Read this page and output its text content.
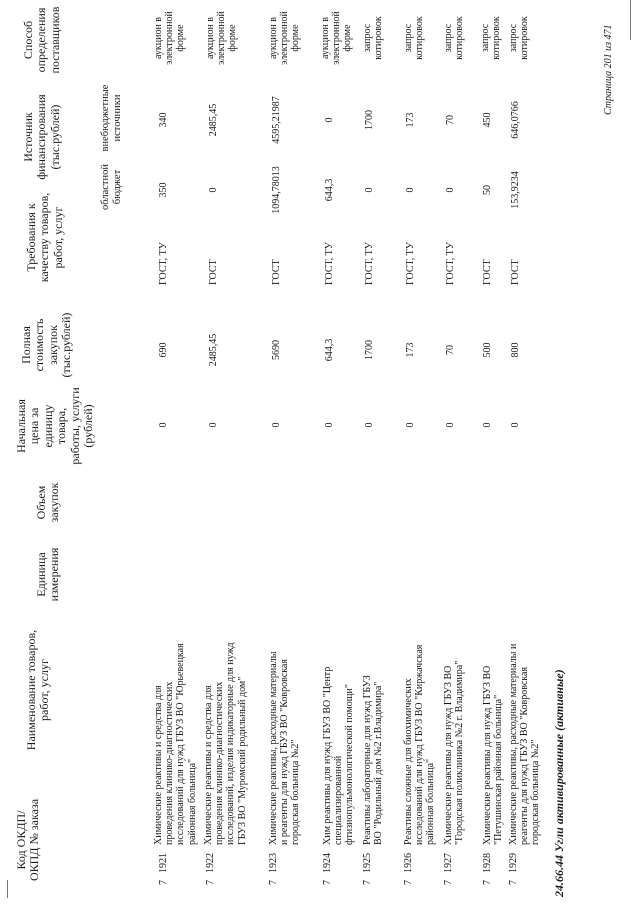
Код ОКДП/ ОКПД № заказа
Наименование товаров, работ, услуг
Единица измерения
Объем закупок
Начальная цена за единицу товара, работы, услуги (рублей)
Полная стоимость закупок (тыс.рублей)
Требования к качеству товаров, работ, услуг
Источник финансирования (тыс.рублей)
областной бюджет
внебюджетные источники
Способ определения поставщиков
7
1921
Химические реактивы и средства для проведения клинико-диагностических исследований для нужд ГБУЗ ВО "Юрьевецкая районная больница"
0
690
ГОСТ, ТУ
350
340
аукцион в электронной форме
7
1922
Химические реактивы и средства для проведения клинико-диагностических исследований, изделия индикаторные для нужд ГБУЗ ВО "Муромский родильный дом"
0
2485,45
ГОСТ
0
2485,45
аукцион в электронной форме
7
1923
Химические реактивы, расходные материалы и реагенты для нужд ГБУЗ ВО "Ковровская городская больница №2"
0
5690
ГОСТ
1094,78013
4595,21987
аукцион в электронной форме
7
1924
Хим реактивы для нужд ГБУЗ ВО "Центр специализированной фтизиопульмонологической помощи"
0
644,3
ГОСТ, ТУ
644,3
0
аукцион в электронной форме
7
1925
Реактивы лабораторные для нужд ГБУЗ ВО "Родильный дом №2 г.Владимира"
0
1700
ГОСТ, ТУ
0
1700
запрос котировок
7
1926
Реактивы сложные для биохимических исследований для нужд ГБУЗ ВО "Киржачская районная больница"
0
173
ГОСТ, ТУ
0
173
запрос котировок
7
1927
Химические реактивы для нужд ГБУЗ ВО "Городская поликлиника №2 г. Владимира"
0
70
ГОСТ, ТУ
0
70
запрос котировок
7
1928
Химические реактивы для нужд ГБУЗ ВО "Петушинская районная больница"
0
500
ГОСТ
50
450
запрос котировок
7
1929
Химические реактивы, расходные материалы и реагенты для нужд ГБУЗ ВО "Ковровская городская больница №2"
0
800
ГОСТ
153,9234
646,0766
запрос котировок
24.66.44 Угли активированные (активные)
Страница 201 из 471
